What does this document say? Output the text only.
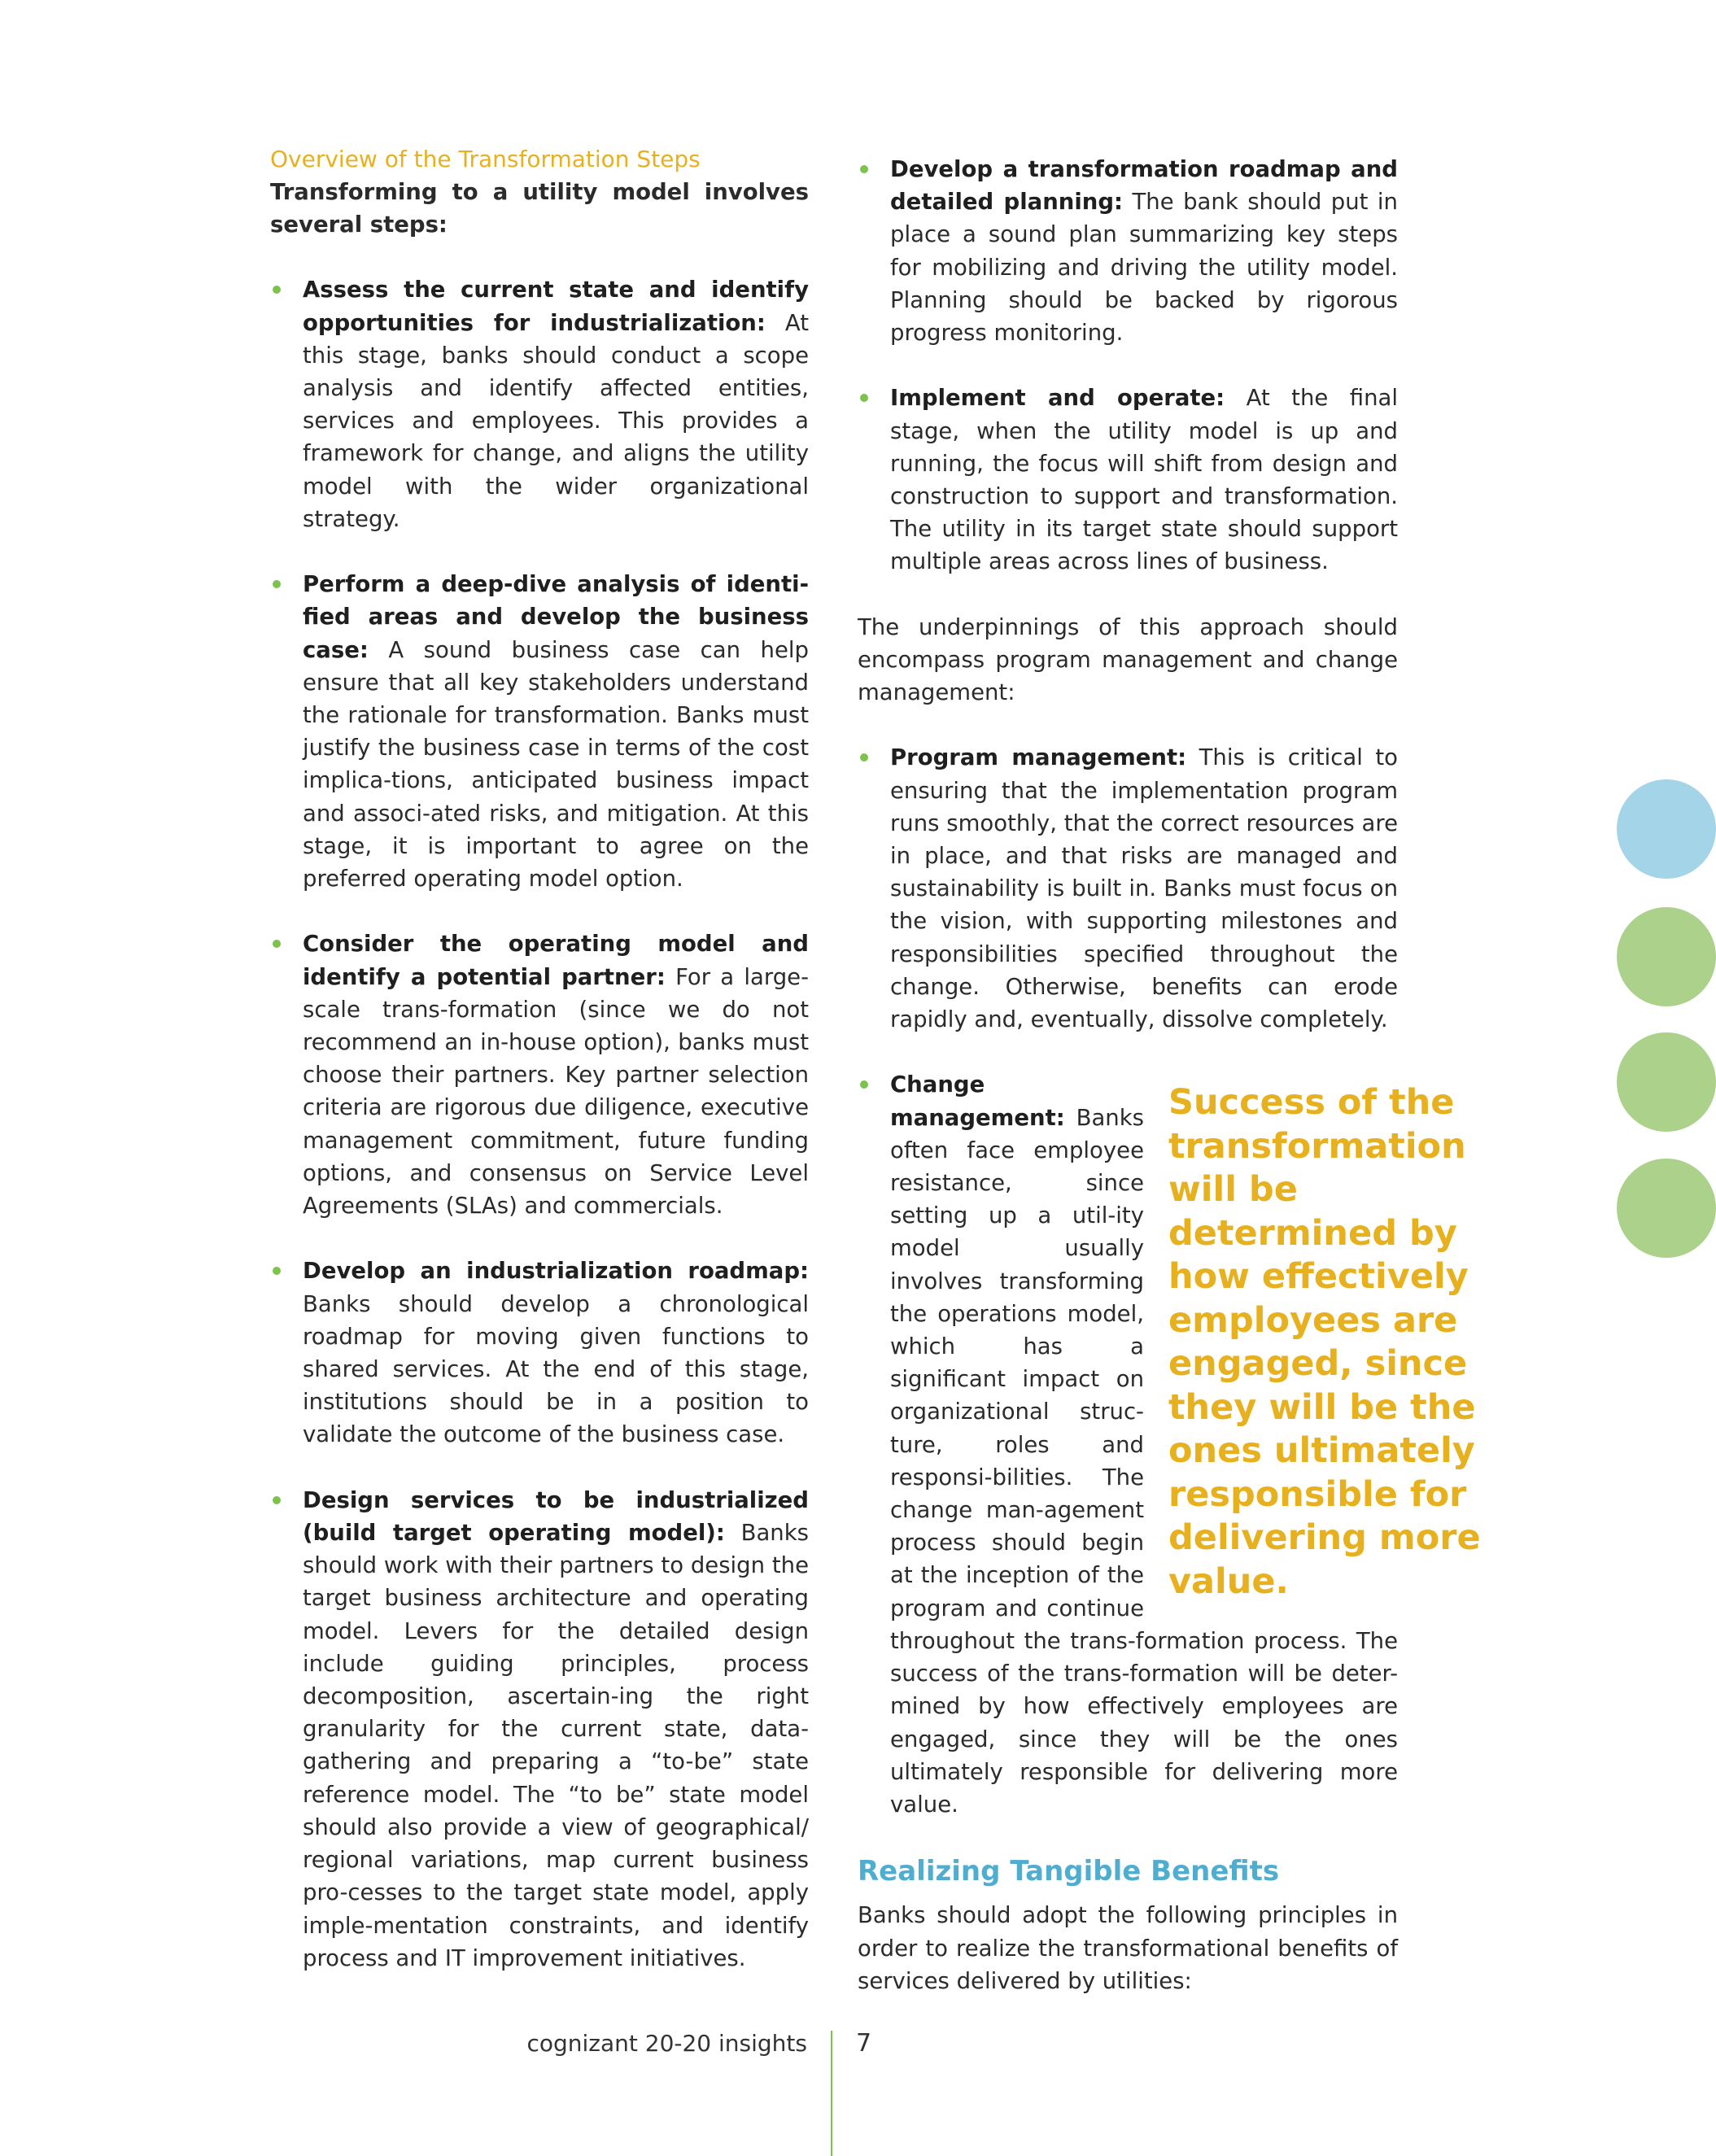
Overview of the Transformation Steps

Transforming to a utility model involves several steps:

Assess the current state and identify opportunities for industrialization: At this stage, banks should conduct a scope analysis and identify affected entities, services and employees. This provides a framework for change, and aligns the utility model with the wider organizational strategy.
Perform a deep-dive analysis of identi-fied areas and develop the business case: A sound business case can help ensure that all key stakeholders understand the rationale for transformation. Banks must justify the business case in terms of the cost implica-tions, anticipated business impact and associ-ated risks, and mitigation. At this stage, it is important to agree on the preferred operating model option.
Consider the operating model and identify a potential partner: For a large-scale trans-formation (since we do not recommend an in-house option), banks must choose their partners. Key partner selection criteria are rigorous due diligence, executive management commitment, future funding options, and consensus on Service Level Agreements (SLAs) and commercials.
Develop an industrialization roadmap: Banks should develop a chronological roadmap for moving given functions to shared services. At the end of this stage, institutions should be in a position to validate the outcome of the business case.
Design services to be industrialized (build target operating model): Banks should work with their partners to design the target business architecture and operating model. Levers for the detailed design include guiding principles, process decomposition, ascertain-ing the right granularity for the current state, data-gathering and preparing a “to-be” state reference model. The “to be” state model should also provide a view of geographical/ regional variations, map current business pro-cesses to the target state model, apply imple-mentation constraints, and identify process and IT improvement initiatives.
Develop a transformation roadmap and detailed planning: The bank should put in place a sound plan summarizing key steps for mobilizing and driving the utility model. Planning should be backed by rigorous progress monitoring.
Implement and operate: At the final stage, when the utility model is up and running, the focus will shift from design and construction to support and transformation. The utility in its target state should support multiple areas across lines of business.

The underpinnings of this approach should encompass program management and change management:

Program management: This is critical to ensuring that the implementation program runs smoothly, that the correct resources are in place, and that risks are managed and sustainability is built in. Banks must focus on the vision, with supporting milestones and responsibilities specified throughout the change. Otherwise, benefits can erode rapidly and, eventually, dissolve completely.
Success of the transformation will be determined by how effectively employees are engaged, since they will be the ones ultimately responsible for delivering more value.
Change management: Banks often face employee resistance, since setting up a util-ity model usually involves transforming the operations model, which has a significant impact on organizational struc-ture, roles and responsi-bilities. The change man-agement process should begin at the inception of the program and continue throughout the trans-formation process. The success of the trans-formation will be deter-mined by how effectively employees are engaged, since they will be the ones ultimately responsible for delivering more value.
Realizing Tangible Benefits

Banks should adopt the following principles in order to realize the transformational benefits of services delivered by utilities:

cognizant 20-20 insights 7
